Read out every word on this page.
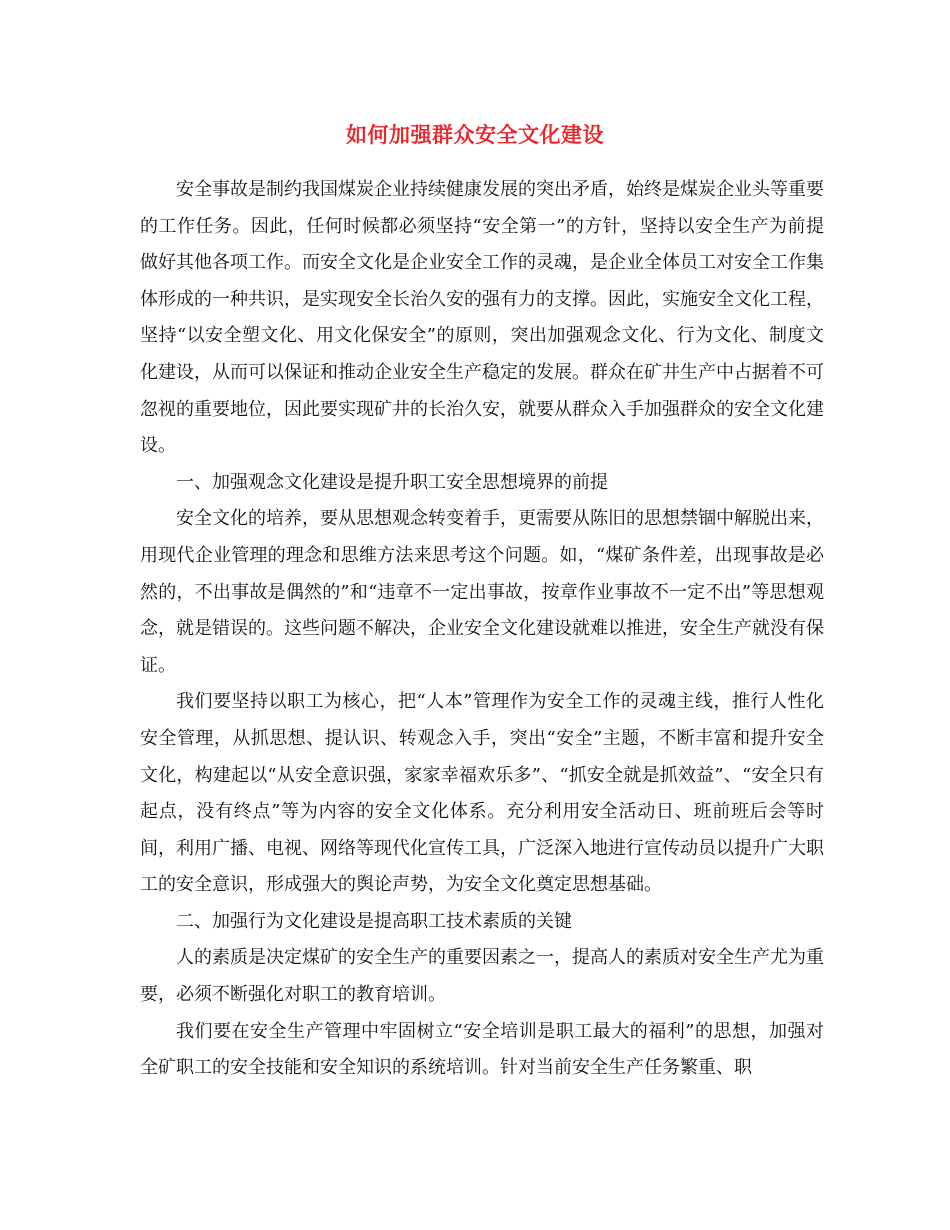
如何加强群众安全文化建设

安全事故是制约我国煤炭企业持续健康发展的突出矛盾，始终是煤炭企业头等重要的工作任务。因此，任何时候都必须坚持“安全第一”的方针，坚持以安全生产为前提做好其他各项工作。而安全文化是企业安全工作的灵魂，是企业全体员工对安全工作集体形成的一种共识，是实现安全长治久安的强有力的支撑。因此，实施安全文化工程，坚持“以安全塑文化、用文化保安全”的原则，突出加强观念文化、行为文化、制度文化建设，从而可以保证和推动企业安全生产稳定的发展。群众在矿井生产中占据着不可忽视的重要地位，因此要实现矿井的长治久安，就要从群众入手加强群众的安全文化建设。

一、加强观念文化建设是提升职工安全思想境界的前提

安全文化的培养，要从思想观念转变着手，更需要从陈旧的思想禁锢中解脱出来，用现代企业管理的理念和思维方法来思考这个问题。如，“煤矿条件差，出现事故是必然的，不出事故是偶然的”和“违章不一定出事故，按章作业事故不一定不出”等思想观念，就是错误的。这些问题不解决，企业安全文化建设就难以推进，安全生产就没有保证。

我们要坚持以职工为核心，把“人本”管理作为安全工作的灵魂主线，推行人性化安全管理，从抓思想、提认识、转观念入手，突出“安全”主题，不断丰富和提升安全文化，构建起以“从安全意识强，家家幸福欢乐多”、“抓安全就是抓效益”、“安全只有起点，没有终点”等为内容的安全文化体系。充分利用安全活动日、班前班后会等时间，利用广播、电视、网络等现代化宣传工具，广泛深入地进行宣传动员以提升广大职工的安全意识，形成强大的舆论声势，为安全文化奠定思想基础。

二、加强行为文化建设是提高职工技术素质的关键

人的素质是决定煤矿的安全生产的重要因素之一，提高人的素质对安全生产尤为重要，必须不断强化对职工的教育培训。

我们要在安全生产管理中牢固树立“安全培训是职工最大的福利”的思想，加强对全矿职工的安全技能和安全知识的系统培训。针对当前安全生产任务繁重、职
